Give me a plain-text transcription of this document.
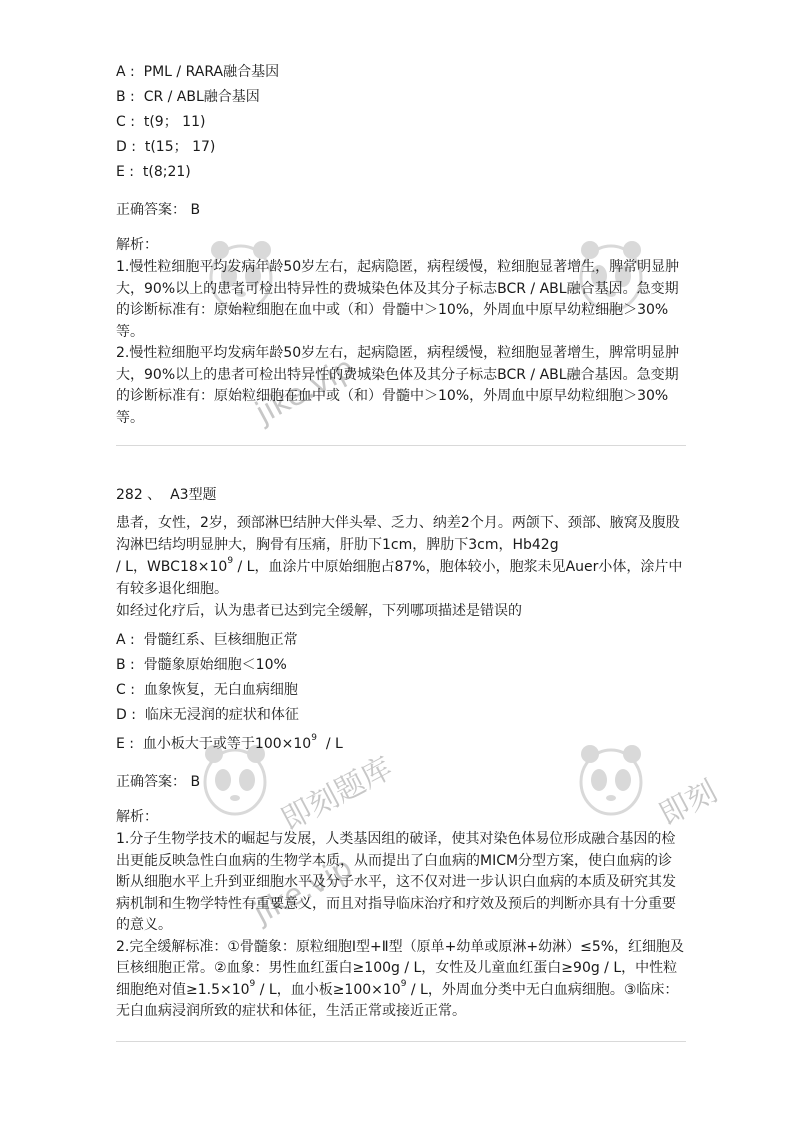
jike.vip
jike.vip
即刻题库	即刻
A : PML / RARA融合基因
B : CR / ABL融合基因
C : t(9； 11)
D : t(15； 17)
E : t(8;21)
正确答案： B
解析：

1.慢性粒细胞平均发病年龄50岁左右，起病隐匿，病程缓慢，粒细胞显著增生，脾常明显肿大，90%以上的患者可检出特异性的费城染色体及其分子标志BCR / ABL融合基因。急变期的诊断标准有：原始粒细胞在血中或（和）骨髓中＞10%，外周血中原早幼粒细胞＞30%等。

2.慢性粒细胞平均发病年龄50岁左右，起病隐匿，病程缓慢，粒细胞显著增生，脾常明显肿大，90%以上的患者可检出特异性的费城染色体及其分子标志BCR / ABL融合基因。急变期的诊断标准有：原始粒细胞在血中或（和）骨髓中＞10%，外周血中原早幼粒细胞＞30%等。

282 、 A3型题
患者，女性，2岁，颈部淋巴结肿大伴头晕、乏力、纳差2个月。两颌下、颈部、腋窝及腹股沟淋巴结均明显肿大，胸骨有压痛，肝肋下1cm，脾肋下3cm，Hb42g
/ L，$WBC18\times 10^9 / L$，血涂片中原始细胞占87%，胞体较小，胞浆未见Auer小体，涂片中有较多退化细胞。
如经过化疗后，认为患者已达到完全缓解，下列哪项描述是错误的
A : 骨髓红系、巨核细胞正常
B : 骨髓象原始细胞＜10%
C : 血象恢复，无白血病细胞
D : 临床无浸润的症状和体征
E : 血小板大于或等于$100\times 10^9 / L$
正确答案： B
解析：

1.分子生物学技术的崛起与发展，人类基因组的破译，使其对染色体易位形成融合基因的检出更能反映急性白血病的生物学本质，从而提出了白血病的MICM分型方案，使白血病的诊断从细胞水平上升到亚细胞水平及分子水平，这不仅对进一步认识白血病的本质及研究其发病机制和生物学特性有重要意义，而且对指导临床治疗和疗效及预后的判断亦具有十分重要的意义。

2.完全缓解标准：①骨髓象：原粒细胞Ⅰ型+Ⅱ型（原单+幼单或原淋+幼淋）≤5%，红细胞及巨核细胞正常。②血象：男性血红蛋白≥100g / L，女性及儿童血红蛋白≥90g / L，中性粒细胞绝对值$\ge 1.5\times 10^9 / L$，血小板$\ge 100\times 10^9 / L$，外周血分类中无白血病细胞。③临床：无白血病浸润所致的症状和体征，生活正常或接近正常。
